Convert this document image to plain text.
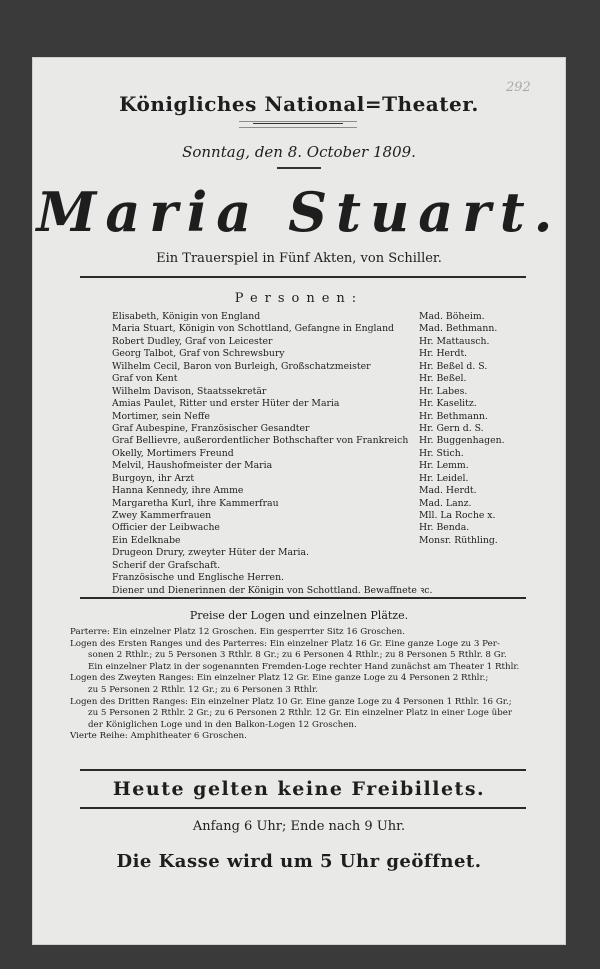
292
Königliches National=Theater.
Sonntag, den 8. October 1809.
Maria Stuart.
Ein Trauerspiel in Fünf Akten, von Schiller.
Personen:
Elisabeth, Königin von England	Mad. Böheim.
Maria Stuart, Königin von Schottland, Gefangne in England	Mad. Bethmann.
Robert Dudley, Graf von Leicester	Hr. Mattausch.
Georg Talbot, Graf von Schrewsbury	Hr. Herdt.
Wilhelm Cecil, Baron von Burleigh, Großschatzmeister	Hr. Beßel d. S.
Graf von Kent	Hr. Beßel.
Wilhelm Davison, Staatssekretär	Hr. Labes.
Amias Paulet, Ritter und erster Hüter der Maria	Hr. Kaselitz.
Mortimer, sein Neffe	Hr. Bethmann.
Graf Aubespine, Französischer Gesandter	Hr. Gern d. S.
Graf Bellievre, außerordentlicher Bothschafter von Frankreich Hr. Buggenhagen.
Okelly, Mortimers Freund	Hr. Stich.
Melvil, Haushofmeister der Maria	Hr. Lemm.
Burgoyn, ihr Arzt	Hr. Leidel.
Hanna Kennedy, ihre Amme	Mad. Herdt.
Margaretha Kurl, ihre Kammerfrau	Mad. Lanz.
Zwey Kammerfrauen	Mll. La Roche x.
Officier der Leibwache	Hr. Benda.
Ein Edelknabe	Monsr. Rüthling.
Drugeon Drury, zweyter Hüter der Maria.
Scherif der Grafschaft.
Französische und Englische Herren.
Diener und Dienerinnen der Königin von Schottland. Bewaffnete ꝛc.
Preise der Logen und einzelnen Plätze.
Parterre: Ein einzelner Platz 12 Groschen. Ein gesperrter Sitz 16 Groschen.
Logen des Ersten Ranges und des Parterres: Ein einzelner Platz 16 Gr. Eine ganze Loge zu 3 Per-
sonen 2 Rthlr.; zu 5 Personen 3 Rthlr. 8 Gr.; zu 6 Personen 4 Rthlr.; zu 8 Personen 5 Rthlr. 8 Gr.
Ein einzelner Platz in der sogenannten Fremden-Loge rechter Hand zunächst am Theater 1 Rthlr.
Logen des Zweyten Ranges: Ein einzelner Platz 12 Gr. Eine ganze Loge zu 4 Personen 2 Rthlr.;
zu 5 Personen 2 Rthlr. 12 Gr.; zu 6 Personen 3 Rthlr.
Logen des Dritten Ranges: Ein einzelner Platz 10 Gr. Eine ganze Loge zu 4 Personen 1 Rthlr. 16 Gr.;
zu 5 Personen 2 Rthlr. 2 Gr.; zu 6 Personen 2 Rthlr. 12 Gr. Ein einzelner Platz in einer Loge über
der Königlichen Loge und in den Balkon-Logen 12 Groschen.
Vierte Reihe: Amphitheater 6 Groschen.
Heute gelten keine Freibillets.
Anfang 6 Uhr; Ende nach 9 Uhr.
Die Kasse wird um 5 Uhr geöffnet.
